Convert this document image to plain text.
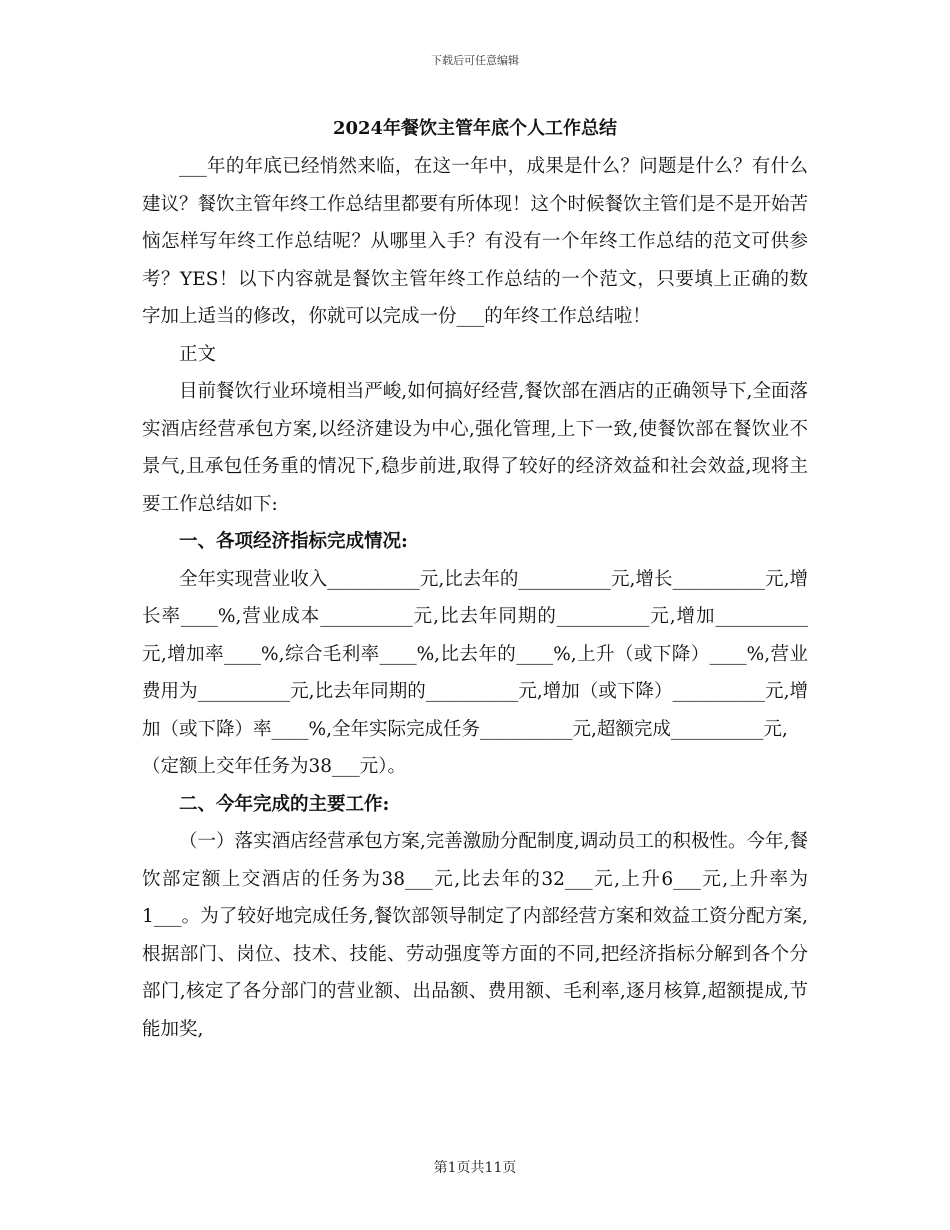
下载后可任意编辑
2024年餐饮主管年底个人工作总结

___年的年底已经悄然来临，在这一年中，成果是什么？问题是什么？有什么建议？餐饮主管年终工作总结里都要有所体现！这个时候餐饮主管们是不是开始苦恼怎样写年终工作总结呢？从哪里入手？有没有一个年终工作总结的范文可供参考？YES！以下内容就是餐饮主管年终工作总结的一个范文，只要填上正确的数字加上适当的修改，你就可以完成一份___的年终工作总结啦！

正文

目前餐饮行业环境相当严峻,如何搞好经营,餐饮部在酒店的正确领导下,全面落实酒店经营承包方案,以经济建设为中心,强化管理,上下一致,使餐饮部在餐饮业不景气,且承包任务重的情况下,稳步前进,取得了较好的经济效益和社会效益,现将主要工作总结如下:

一、各项经济指标完成情况:

全年实现营业收入__________元,比去年的__________元,增长__________元,增长率____%,营业成本__________元,比去年同期的__________元,增加__________元,增加率____%,综合毛利率____%,比去年的____%,上升（或下降）____%,营业费用为__________元,比去年同期的__________元,增加（或下降）__________元,增加（或下降）率____%,全年实际完成任务__________元,超额完成__________元,

（定额上交年任务为38___元）。

二、今年完成的主要工作:

（一）落实酒店经营承包方案,完善激励分配制度,调动员工的积极性。今年,餐饮部定额上交酒店的任务为38___元,比去年的32___元,上升6___元,上升率为1___。为了较好地完成任务,餐饮部领导制定了内部经营方案和效益工资分配方案,根据部门、岗位、技术、技能、劳动强度等方面的不同,把经济指标分解到各个分部门,核定了各分部门的营业额、出品额、费用额、毛利率,逐月核算,超额提成,节能加奖,

第1页共11页
